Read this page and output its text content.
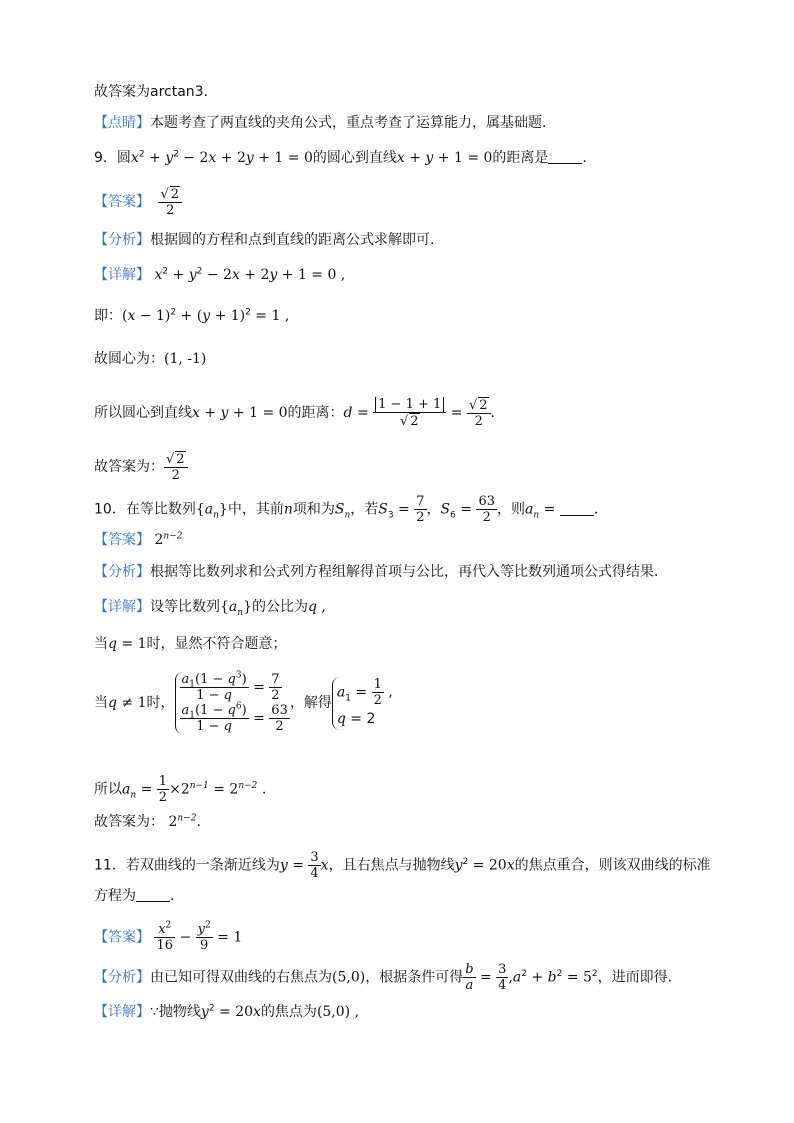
故答案为arctan3.
【点睛】本题考查了两直线的夹角公式，重点考查了运算能力，属基础题.
9．圆$x^2 + y^2 - 2x + 2y + 1 = 0$的圆心到直线x + y + 1 = 0的距离是 ．
【答案】 $\frac{√ 2}{2}$
【分析】根据圆的方程和点到直线的距离公式求解即可.
【详解】 $x^2 + y^2 - 2x + 2y + 1 = 0$ ,
即：$(x - 1)^2 + (y + 1)^2 = 1$ ,
故圆心为：(1, -1)
所以圆心到直线x + y + 1 = 0的距离：$d = \frac{1 - 1 + 1}{√ 2} = \frac{√ 2}{2}$ .
故答案为： $\frac{√ 2}{2}$
10．在等比数列$\{a_n\}$中，其前n项和为$S_n$，若$S_3 = \frac{7}{2}$ ，$S_6 = \frac{63}{2}$ ，则$a_n$ = ．
【答案】 $2^{n-2}$
【分析】根据等比数列求和公式列方程组解得首项与公比，再代入等比数列通项公式得结果.
【详解】设等比数列$\{a_n\}$的公比为q ,
当q = 1时，显然不符合题意；
当q ≠ 1时， $\frac{a_1(1 - q^3)}{1 - q} = \frac{7}{2}$
$\frac{a_1(1 - q^6)}{1 - q} = \frac{63}{2}$ ，解得
$a_1 = \frac{1}{2}$ ,
q = 2
所以$a_n = \frac{1}{2} \times 2^{n-1} = 2^{n-2}$ .
故答案为： $2^{n-2}$.
11．若双曲线的一条渐近线为$y = \frac{3}{4}$ x，且右焦点与抛物线$y^2 = 20x$的焦点重合，则该双曲线的标准
方程为 ．
【答案】 $\frac{x^2}{16} - \frac{y^2}{9} = 1$
【分析】由已知可得双曲线的右焦点为(5,0)，根据条件可得 $\frac{b}{a} = \frac{3}{4} ,a^2 + b^2 = 5^2$，进而即得.
【详解】∵抛物线$y^2 = 20x$的焦点为(5,0) ,
